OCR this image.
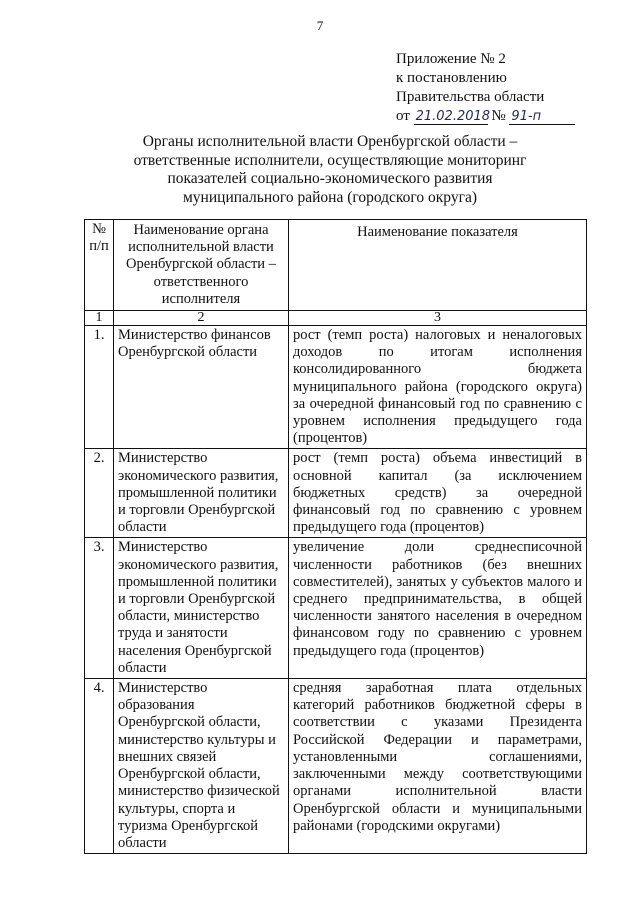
7
Приложение № 2
к постановлению
Правительства области
от 21.02.2018 № 91-п
Органы исполнительной власти Оренбургской области –
ответственные исполнители, осуществляющие мониторинг
показателей социально-экономического развития
муниципального района (городского округа)
№ п/п	Наименование органа исполнительной власти Оренбургской области – ответственного исполнителя	Наименование показателя
1	2	3
1.	Министерство финансов Оренбургской области	рост (темп роста) налоговых и неналоговых доходов по итогам исполнения консолидированного бюджета муниципального района (городского округа) за очередной финансовый год по сравнению с уровнем исполнения предыдущего года (процентов)
2.	Министерство экономического развития, промышленной политики и торговли Оренбургской области	рост (темп роста) объема инвестиций в основной капитал (за исключением бюджетных средств) за очередной финансовый год по сравнению с уровнем предыдущего года (процентов)
3.	Министерство экономического развития, промышленной политики и торговли Оренбургской области, министерство труда и занятости населения Оренбургской области	увеличение доли среднесписочной численности работников (без внешних совместителей), занятых у субъектов малого и среднего предпринимательства, в общей численности занятого населения в очередном финансовом году по сравнению с уровнем предыдущего года (процентов)
4.	Министерство образования Оренбургской области, министерство культуры и внешних связей Оренбургской области, министерство физической культуры, спорта и туризма Оренбургской области	средняя заработная плата отдельных категорий работников бюджетной сферы в соответствии с указами Президента Российской Федерации и параметрами, установленными соглашениями, заключенными между соответствующими органами исполнительной власти Оренбургской области и муниципальными районами (городскими округами)
